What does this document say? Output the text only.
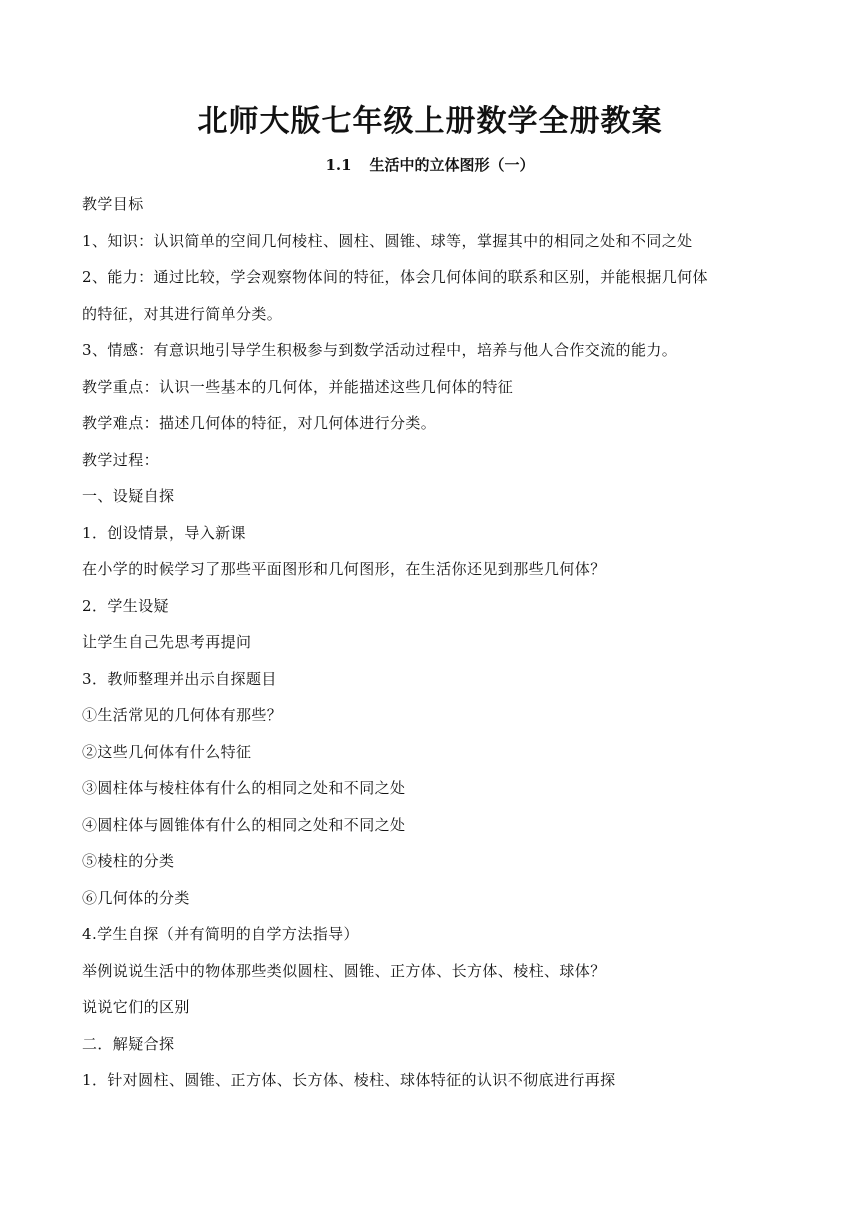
北师大版七年级上册数学全册教案
1.1 生活中的立体图形（一）
教学目标
1、知识：认识简单的空间几何棱柱、圆柱、圆锥、球等，掌握其中的相同之处和不同之处
2、能力：通过比较，学会观察物体间的特征，体会几何体间的联系和区别，并能根据几何体
的特征，对其进行简单分类。
3、情感：有意识地引导学生积极参与到数学活动过程中，培养与他人合作交流的能力。
教学重点：认识一些基本的几何体，并能描述这些几何体的特征
教学难点：描述几何体的特征，对几何体进行分类。
教学过程：
一、设疑自探
1．创设情景，导入新课
在小学的时候学习了那些平面图形和几何图形，在生活你还见到那些几何体？
2．学生设疑
让学生自己先思考再提问
3．教师整理并出示自探题目
①生活常见的几何体有那些？
②这些几何体有什么特征
③圆柱体与棱柱体有什么的相同之处和不同之处
④圆柱体与圆锥体有什么的相同之处和不同之处
⑤棱柱的分类
⑥几何体的分类
4.学生自探（并有简明的自学方法指导）
举例说说生活中的物体那些类似圆柱、圆锥、正方体、长方体、棱柱、球体？
说说它们的区别
二．解疑合探
1．针对圆柱、圆锥、正方体、长方体、棱柱、球体特征的认识不彻底进行再探
